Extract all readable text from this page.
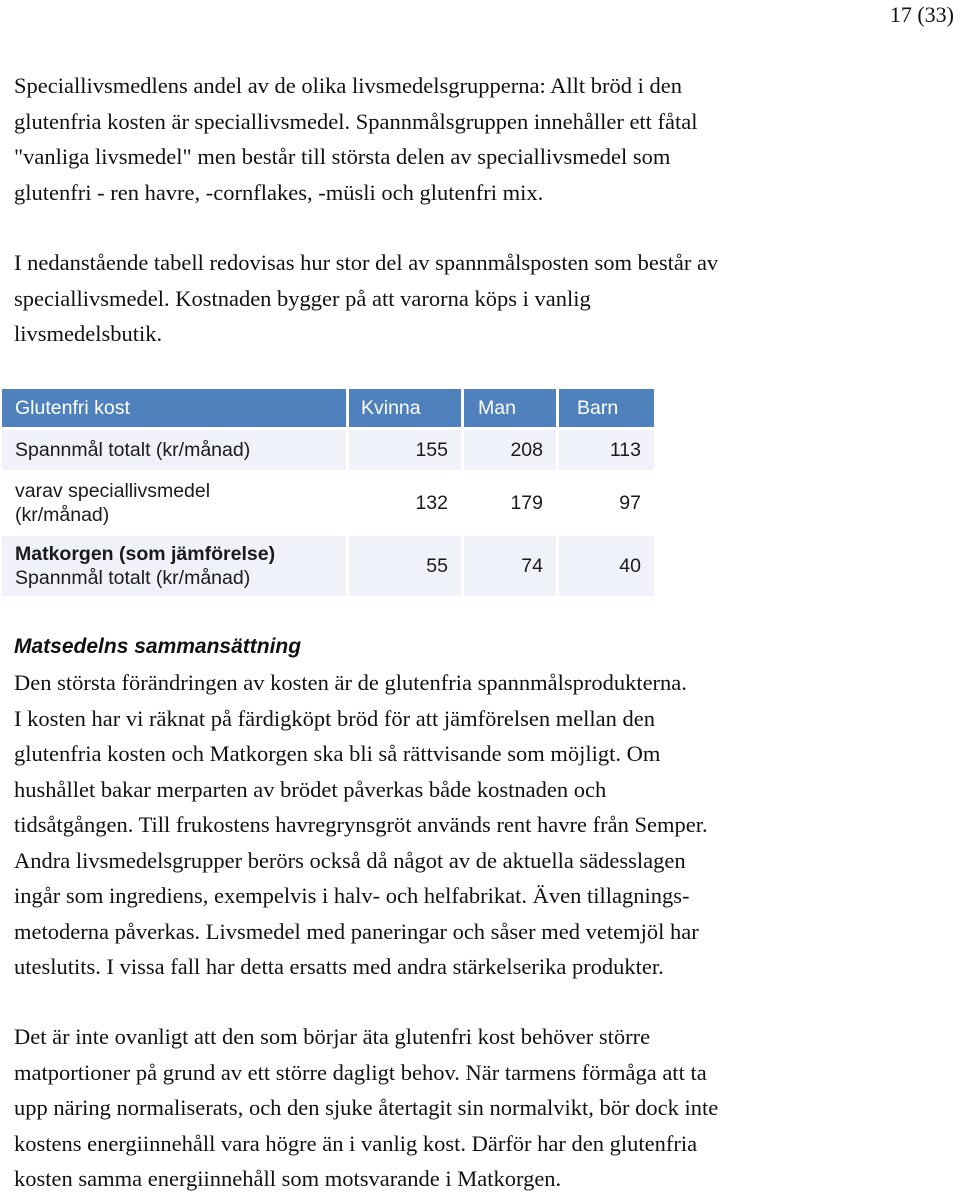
17 (33)

Speciallivsmedlens andel av de olika livsmedelsgrupperna: Allt bröd i den
glutenfria kosten är speciallivsmedel. Spannmålsgruppen innehåller ett fåtal
"vanliga livsmedel" men består till största delen av speciallivsmedel som
glutenfri - ren havre, -cornflakes, -müsli och glutenfri mix.

I nedanstående tabell redovisas hur stor del av spannmålsposten som består av
speciallivsmedel. Kostnaden bygger på att varorna köps i vanlig
livsmedelsbutik.

Glutenfri kost	Kvinna	Man	Barn
Spannmål totalt (kr/månad)	155	208	113

varav speciallivsmedel
(kr/månad)	132	179	97

Matkorgen (som jämförelse)
Spannmål totalt (kr/månad)	55	74	40
Matsedelns sammansättning

Den största förändringen av kosten är de glutenfria spannmålsprodukterna.
I kosten har vi räknat på färdigköpt bröd för att jämförelsen mellan den
glutenfria kosten och Matkorgen ska bli så rättvisande som möjligt. Om
hushållet bakar merparten av brödet påverkas både kostnaden och
tidsåtgången. Till frukostens havregrynsgröt används rent havre från Semper.
Andra livsmedelsgrupper berörs också då något av de aktuella sädesslagen
ingår som ingrediens, exempelvis i halv- och helfabrikat. Även tillagnings-
metoderna påverkas. Livsmedel med paneringar och såser med vetemjöl har
uteslutits. I vissa fall har detta ersatts med andra stärkelserika produkter.

Det är inte ovanligt att den som börjar äta glutenfri kost behöver större
matportioner på grund av ett större dagligt behov. När tarmens förmåga att ta
upp näring normaliserats, och den sjuke återtagit sin normalvikt, bör dock inte
kostens energiinnehåll vara högre än i vanlig kost. Därför har den glutenfria
kosten samma energiinnehåll som motsvarande i Matkorgen.
